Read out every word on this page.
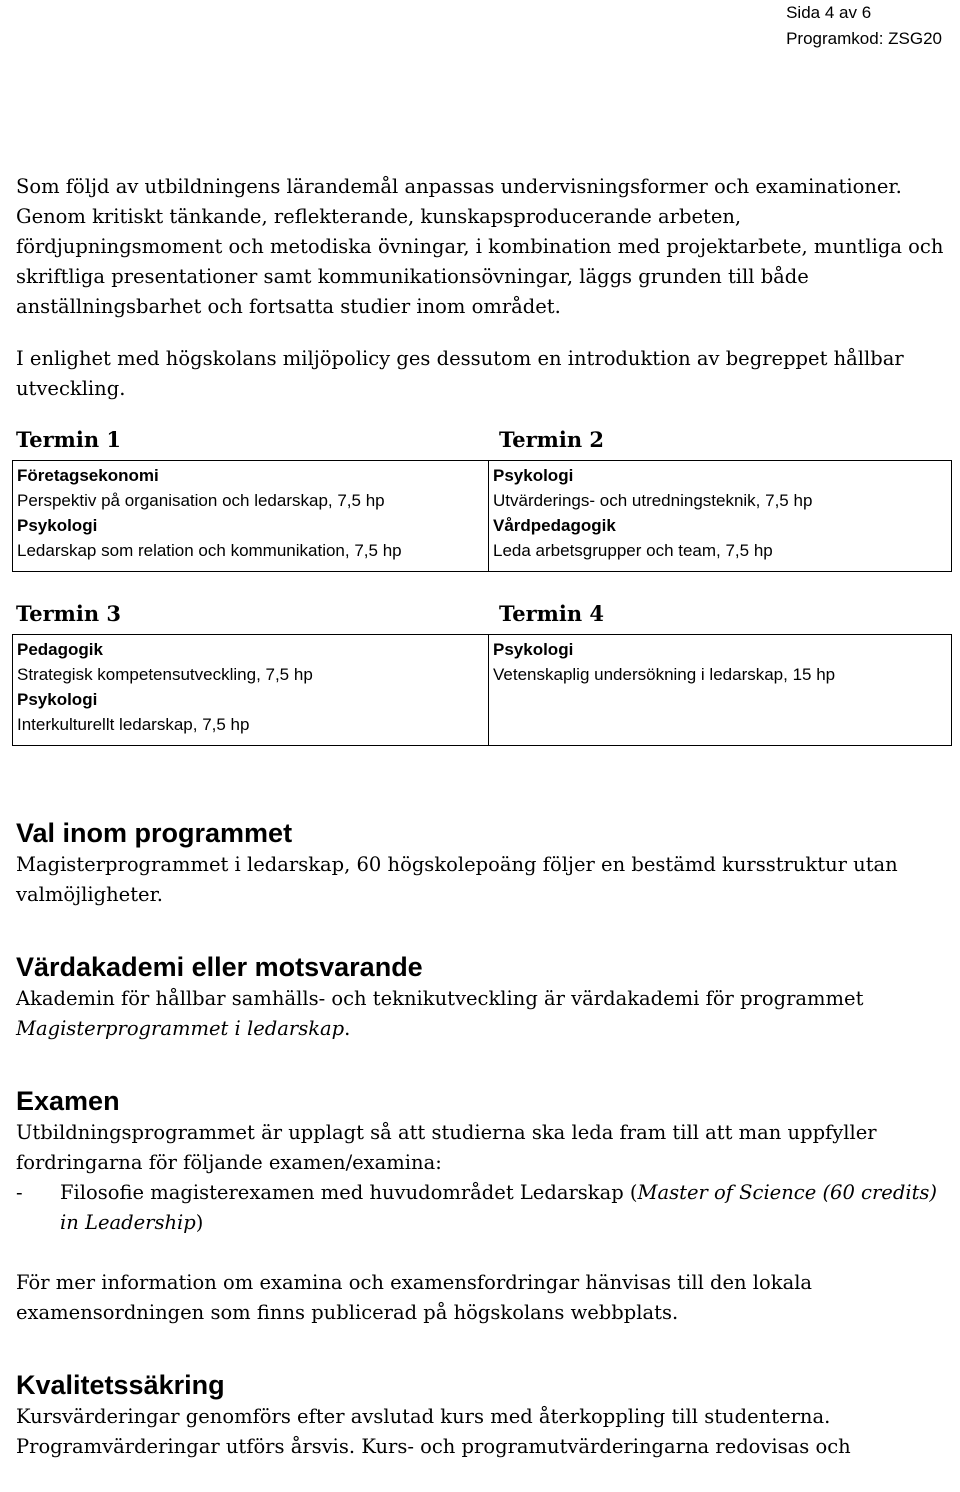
Sida 4 av 6
Programkod: ZSG20

Som följd av utbildningens lärandemål anpassas undervisningsformer och examinationer. Genom kritiskt tänkande, reflekterande, kunskapsproducerande arbeten, fördjupningsmoment och metodiska övningar, i kombination med projektarbete, muntliga och skriftliga presentationer samt kommunikationsövningar, läggs grunden till både anställningsbarhet och fortsatta studier inom området.

I enlighet med högskolans miljöpolicy ges dessutom en introduktion av begreppet hållbar utveckling.

Termin 1	Termin 2
Företagsekonomi
Perspektiv på organisation och ledarskap, 7,5 hp
Psykologi
Ledarskap som relation och kommunikation, 7,5 hp

Psykologi
Utvärderings- och utredningsteknik, 7,5 hp
Vårdpedagogik
Leda arbetsgrupper och team, 7,5 hp
Termin 3	Termin 4
Pedagogik
Strategisk kompetensutveckling, 7,5 hp
Psykologi
Interkulturellt ledarskap, 7,5 hp

Psykologi
Vetenskaplig undersökning i ledarskap, 15 hp
Val inom programmet

Magisterprogrammet i ledarskap, 60 högskolepoäng följer en bestämd kursstruktur utan valmöjligheter.

Värdakademi eller motsvarande

Akademin för hållbar samhälls- och teknikutveckling är värdakademi för programmet
Magisterprogrammet i ledarskap.

Examen

Utbildningsprogrammet är upplagt så att studierna ska leda fram till att man uppfyller fordringarna för följande examen/examina:

-	Filosofie magisterexamen med huvudområdet Ledarskap (Master of Science (60 credits) in Leadership)

För mer information om examina och examensfordringar hänvisas till den lokala examensordningen som finns publicerad på högskolans webbplats.

Kvalitetssäkring

Kursvärderingar genomförs efter avslutad kurs med återkoppling till studenterna. Programvärderingar utförs årsvis. Kurs- och programutvärderingarna redovisas och
